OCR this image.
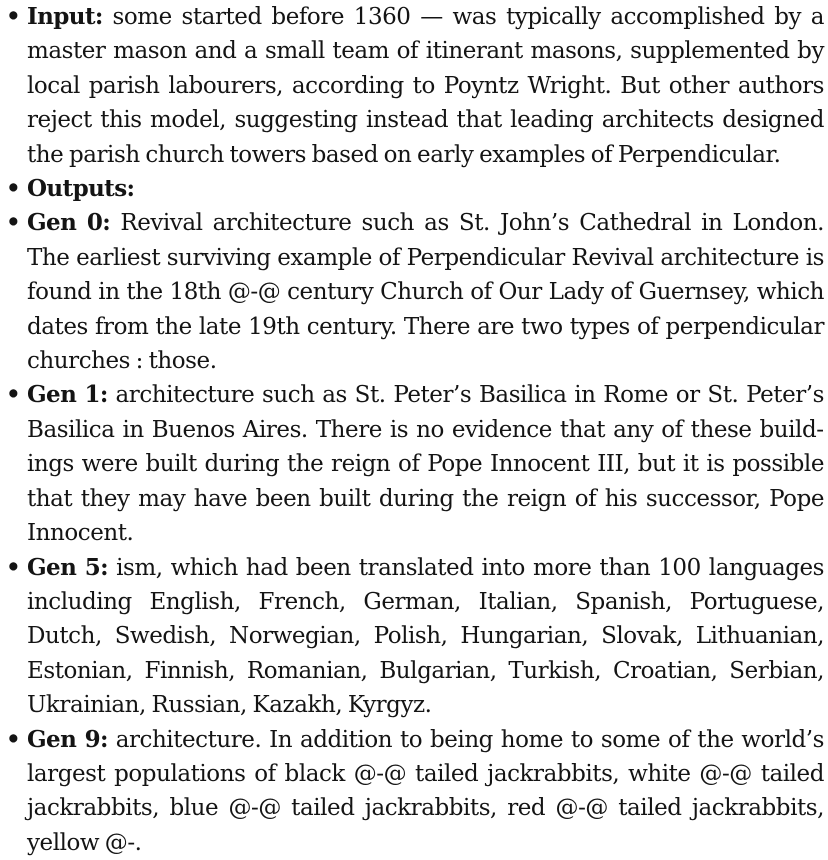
• Input: some started before 1360 — was typically accomplished by a master mason and a small team of itinerant masons, supplemented by local parish labourers, according to Poyntz Wright. But other authors reject this model, suggesting instead that leading architects designed the parish church towers based on early examples of Perpendicular.

• Outputs:

• Gen 0: Revival architecture such as St. John’s Cathedral in London. The earliest surviving example of Perpendicular Revival architecture is found in the 18th @-@ century Church of Our Lady of Guernsey, which dates from the late 19th century. There are two types of perpendicular churches : those.

• Gen 1: architecture such as St. Peter’s Basilica in Rome or St. Peter’s Basilica in Buenos Aires. There is no evidence that any of these buildings were built during the reign of Pope Innocent III, but it is possible that they may have been built during the reign of his successor, Pope Innocent.

• Gen 5: ism, which had been translated into more than 100 languages including English, French, German, Italian, Spanish, Portuguese, Dutch, Swedish, Norwegian, Polish, Hungarian, Slovak, Lithuanian, Estonian, Finnish, Romanian, Bulgarian, Turkish, Croatian, Serbian, Ukrainian, Russian, Kazakh, Kyrgyz.

• Gen 9: architecture. In addition to being home to some of the world’s largest populations of black @-@ tailed jackrabbits, white @-@ tailed jackrabbits, blue @-@ tailed jackrabbits, red @-@ tailed jackrabbits, yellow @-.
